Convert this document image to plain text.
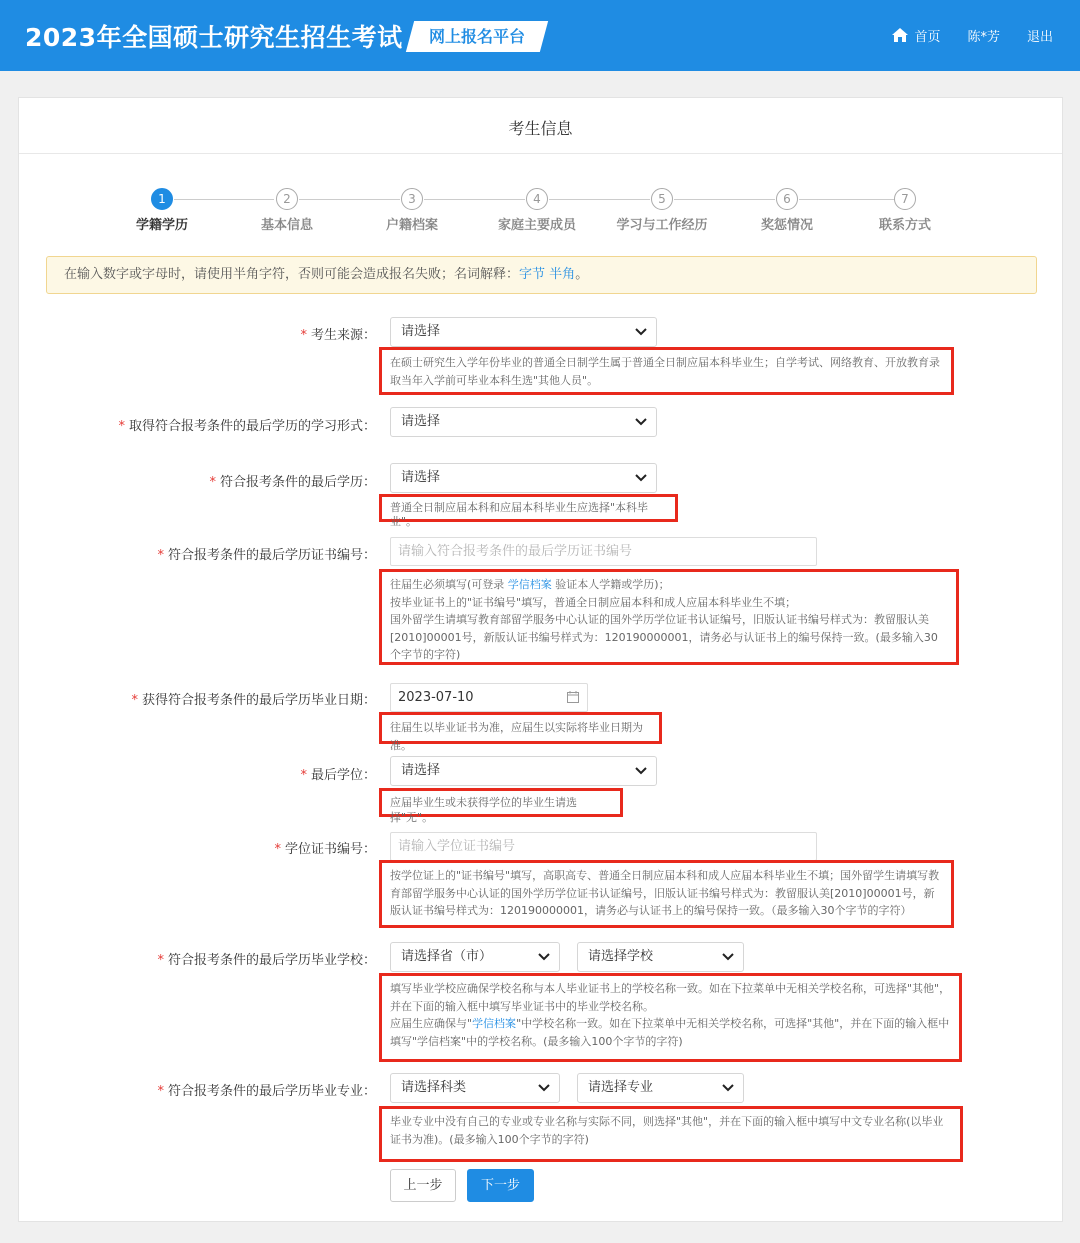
2023年全国硕士研究生招生考试	网上报名平台	首页 陈*芳 退出
考生信息
1
学籍学历
2
基本信息
3
户籍档案
4
家庭主要成员
5
学习与工作经历
6
奖惩情况
7
联系方式
在输入数字或字母时，请使用半角字符，否则可能会造成报名失败；名词解释：字节 半角。
* 考生来源：	请选择
在硕士研究生入学年份毕业的普通全日制学生属于普通全日制应届本科毕业生；自学考试、网络教育、开放教育录取当年入学前可毕业本科生选"其他人员"。
* 取得符合报考条件的最后学历的学习形式：	请选择
* 符合报考条件的最后学历：	请选择
普通全日制应届本科和应届本科毕业生应选择"本科毕业"。
* 符合报考条件的最后学历证书编号：	请输入符合报考条件的最后学历证书编号
往届生必须填写(可登录 学信档案 验证本人学籍或学历)；
按毕业证书上的"证书编号"填写，普通全日制应届本科和成人应届本科毕业生不填；
国外留学生请填写教育部留学服务中心认证的国外学历学位证书认证编号，旧版认证书编号样式为：教留服认美[2010]00001号，新版认证书编号样式为：120190000001，请务必与认证书上的编号保持一致。(最多输入30个字节的字符)
* 获得符合报考条件的最后学历毕业日期：	2023-07-10
往届生以毕业证书为准，应届生以实际将毕业日期为准。
* 最后学位：	请选择
应届毕业生或未获得学位的毕业生请选择"无"。
* 学位证书编号：	请输入学位证书编号
按学位证上的"证书编号"填写，高职高专、普通全日制应届本科和成人应届本科毕业生不填；国外留学生请填写教育部留学服务中心认证的国外学历学位证书认证编号，旧版认证书编号样式为：教留服认美[2010]00001号，新版认证书编号样式为：120190000001，请务必与认证书上的编号保持一致。（最多输入30个字节的字符）
* 符合报考条件的最后学历毕业学校：	请选择省（市）	请选择学校
填写毕业学校应确保学校名称与本人毕业证书上的学校名称一致。如在下拉菜单中无相关学校名称，可选择"其他"，并在下面的输入框中填写毕业证书中的毕业学校名称。
应届生应确保与"学信档案"中学校名称一致。如在下拉菜单中无相关学校名称，可选择"其他"，并在下面的输入框中填写"学信档案"中的学校名称。(最多输入100个字节的字符)
* 符合报考条件的最后学历毕业专业：	请选择科类	请选择专业
毕业专业中没有自己的专业或专业名称与实际不同，则选择"其他"，并在下面的输入框中填写中文专业名称(以毕业证书为准)。(最多输入100个字节的字符)
上一步	下一步
